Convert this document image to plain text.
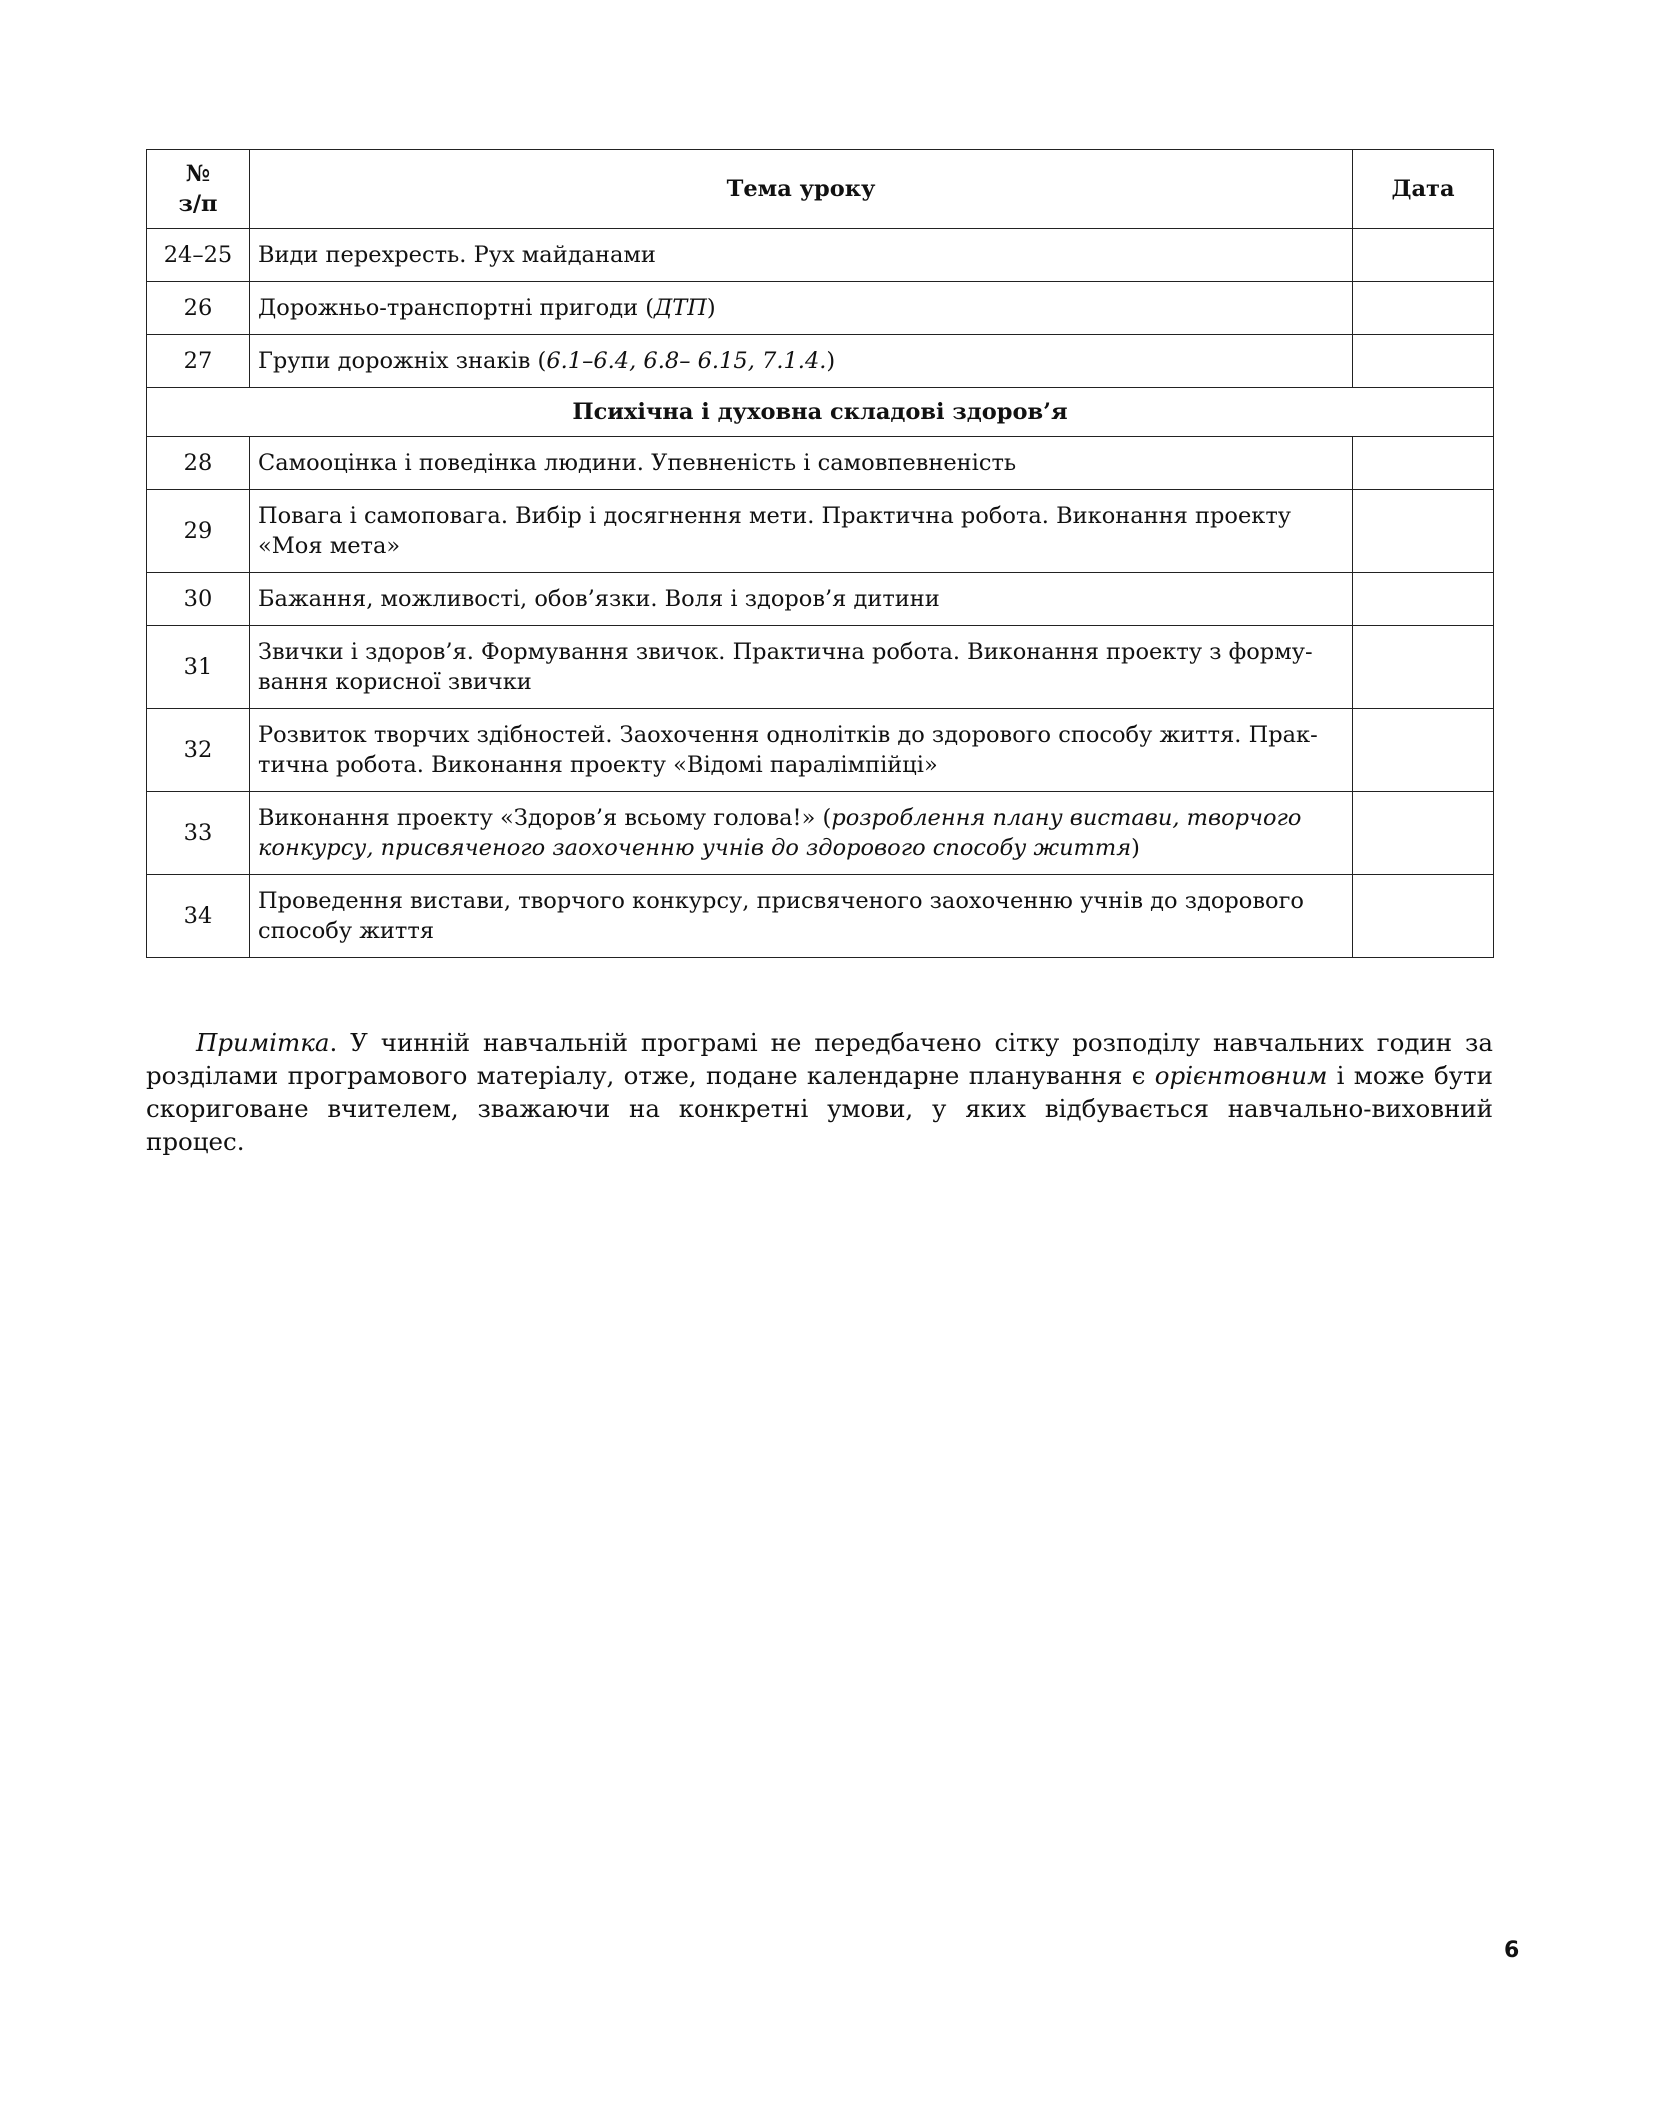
№
з/п	Тема уроку	Дата
24–25	Види перехресть. Рух майданами	
26	Дорожньо-транспортні пригоди (ДТП)	
27	Групи дорожніх знаків (6.1–6.4, 6.8– 6.15, 7.1.4.)	
Психічна і духовна складові здоров’я		
28	Самооцінка і поведінка людини. Упевненість і самовпевненість	
29	Повага і самоповага. Вибір і досягнення мети. Практична робота. Виконання проекту «Моя мета»	
30	Бажання, можливості, обов’язки. Воля і здоров’я дитини	
31	Звички і здоров’я. Формування звичок. Практична робота. Виконання проекту з формування корисної звички	
32	Розвиток творчих здібностей. Заохочення однолітків до здорового способу життя. Практична робота. Виконання проекту «Відомі паралімпійці»	
33	Виконання проекту «Здоров’я всьому голова!» (розроблення плану вистави, творчого конкурсу, присвяченого заохоченню учнів до здорового способу життя)	
34	Проведення вистави, творчого конкурсу, присвяченого заохоченню учнів до здорового способу життя	

Примітка. У чинній навчальній програмі не передбачено сітку розподілу навчальних годин за розділами програмового матеріалу, отже, подане календарне планування є орієнтовним і може бути скориговане вчителем, зважаючи на конкретні умови, у яких відбувається навчально-виховний процес.

6
